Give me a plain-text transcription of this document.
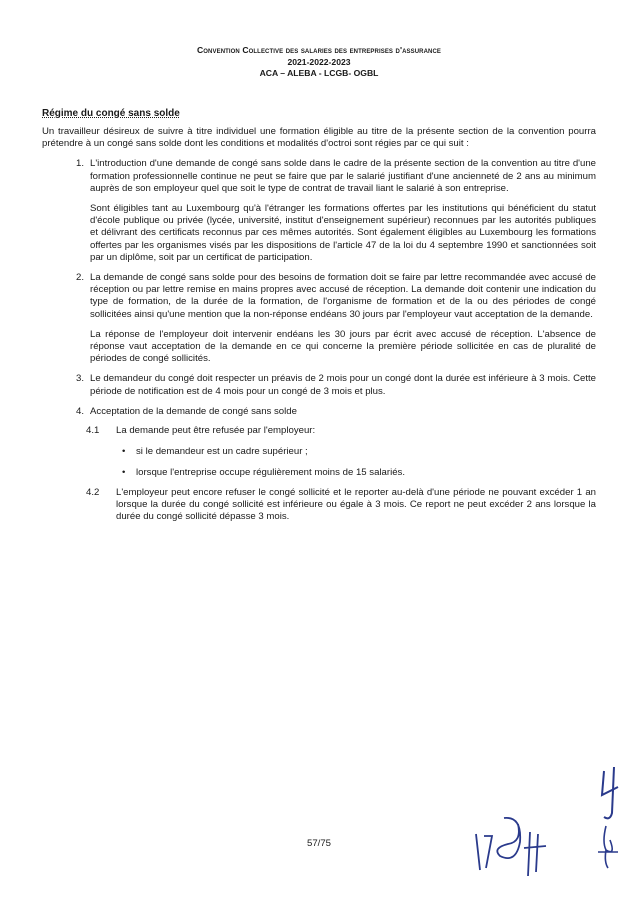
Convention Collective des salaries des entreprises d'assurance
2021-2022-2023
ACA – ALEBA - LCGB- OGBL
Régime du congé sans solde

Un travailleur désireux de suivre à titre individuel une formation éligible au titre de la présente section de la convention pourra prétendre à un congé sans solde dont les conditions et modalités d'octroi sont régies par ce qui suit :

1. L'introduction d'une demande de congé sans solde dans le cadre de la présente section de la convention au titre d'une formation professionnelle continue ne peut se faire que par le salarié justifiant d'une ancienneté de 2 ans au minimum auprès de son employeur quel que soit le type de contrat de travail liant le salarié à son entreprise.

Sont éligibles tant au Luxembourg qu'à l'étranger les formations offertes par les institutions qui bénéficient du statut d'école publique ou privée (lycée, université, institut d'enseignement supérieur) reconnues par les autorités publiques et délivrant des certificats reconnus par ces mêmes autorités. Sont également éligibles au Luxembourg les formations offertes par les organismes visés par les dispositions de l'article 47 de la loi du 4 septembre 1990 et sanctionnées soit par un diplôme, soit par un certificat de participation.

2. La demande de congé sans solde pour des besoins de formation doit se faire par lettre recommandée avec accusé de réception ou par lettre remise en mains propres avec accusé de réception. La demande doit contenir une indication du type de formation, de la durée de la formation, de l'organisme de formation et de la ou des périodes de congé sollicitées ainsi qu'une mention que la non-réponse endéans 30 jours par l'employeur vaut acceptation de la demande.

La réponse de l'employeur doit intervenir endéans les 30 jours par écrit avec accusé de réception. L'absence de réponse vaut acceptation de la demande en ce qui concerne la première période sollicitée en cas de pluralité de périodes de congé sollicités.

3. Le demandeur du congé doit respecter un préavis de 2 mois pour un congé dont la durée est inférieure à 3 mois. Cette période de notification est de 4 mois pour un congé de 3 mois et plus.

4. Acceptation de la demande de congé sans solde

4.1 La demande peut être refusée par l'employeur:

• si le demandeur est un cadre supérieur ;

• lorsque l'entreprise occupe régulièrement moins de 15 salariés.

4.2 L'employeur peut encore refuser le congé sollicité et le reporter au-delà d'une période ne pouvant excéder 1 an lorsque la durée du congé sollicité est inférieure ou égale à 3 mois. Ce report ne peut excéder 2 ans lorsque la durée du congé sollicité dépasse 3 mois.

57/75
